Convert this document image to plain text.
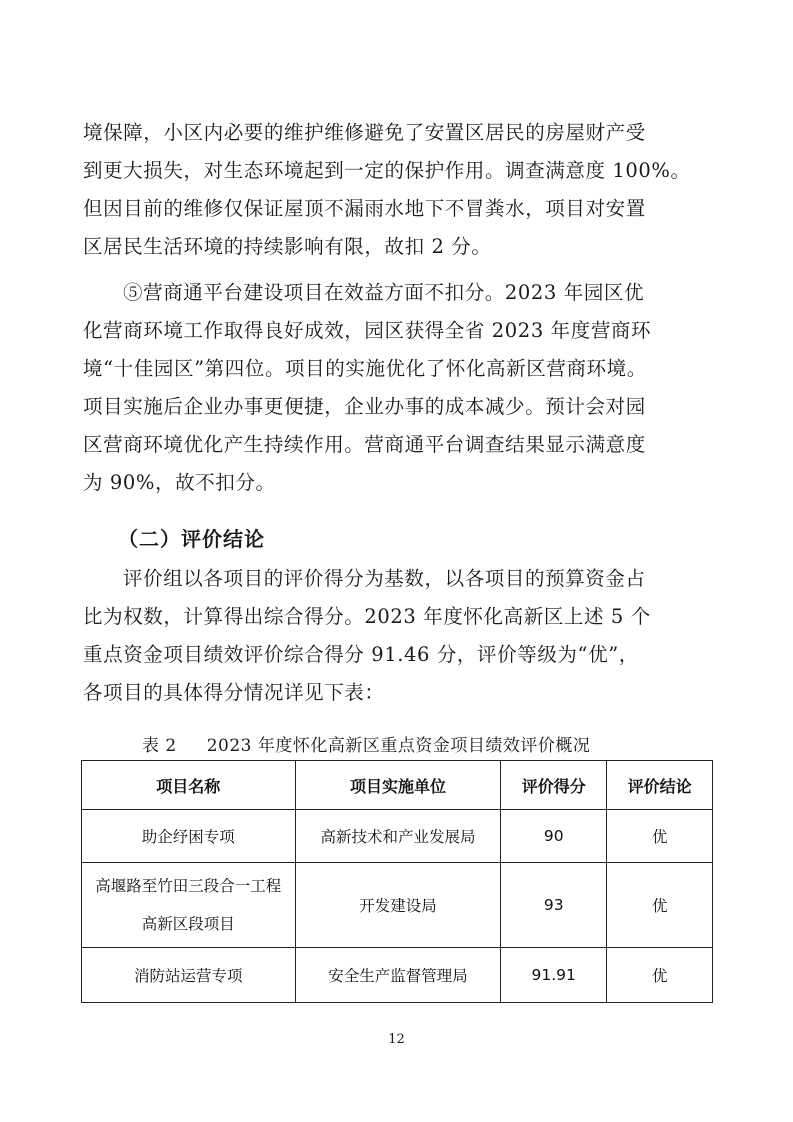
境保障，小区内必要的维护维修避免了安置区居民的房屋财产受
到更大损失，对生态环境起到一定的保护作用。调查满意度 100%。
但因目前的维修仅保证屋顶不漏雨水地下不冒粪水，项目对安置
区居民生活环境的持续影响有限，故扣 2 分。
⑤营商通平台建设项目在效益方面不扣分。2023 年园区优
化营商环境工作取得良好成效，园区获得全省 2023 年度营商环
境“十佳园区”第四位。项目的实施优化了怀化高新区营商环境。
项目实施后企业办事更便捷，企业办事的成本减少。预计会对园
区营商环境优化产生持续作用。营商通平台调查结果显示满意度
为 90%，故不扣分。
（二）评价结论
评价组以各项目的评价得分为基数，以各项目的预算资金占
比为权数，计算得出综合得分。2023 年度怀化高新区上述 5 个
重点资金项目绩效评价综合得分 91.46 分，评价等级为“优”，
各项目的具体得分情况详见下表：
表 2 2023 年度怀化高新区重点资金项目绩效评价概况
项目名称	项目实施单位	评价得分	评价结论
助企纾困专项	高新技术和产业发展局	90	优

高堰路至竹田三段合一工程
高新区段项目	开发建设局	93	优
消防站运营专项	安全生产监督管理局	91.91	优
12
